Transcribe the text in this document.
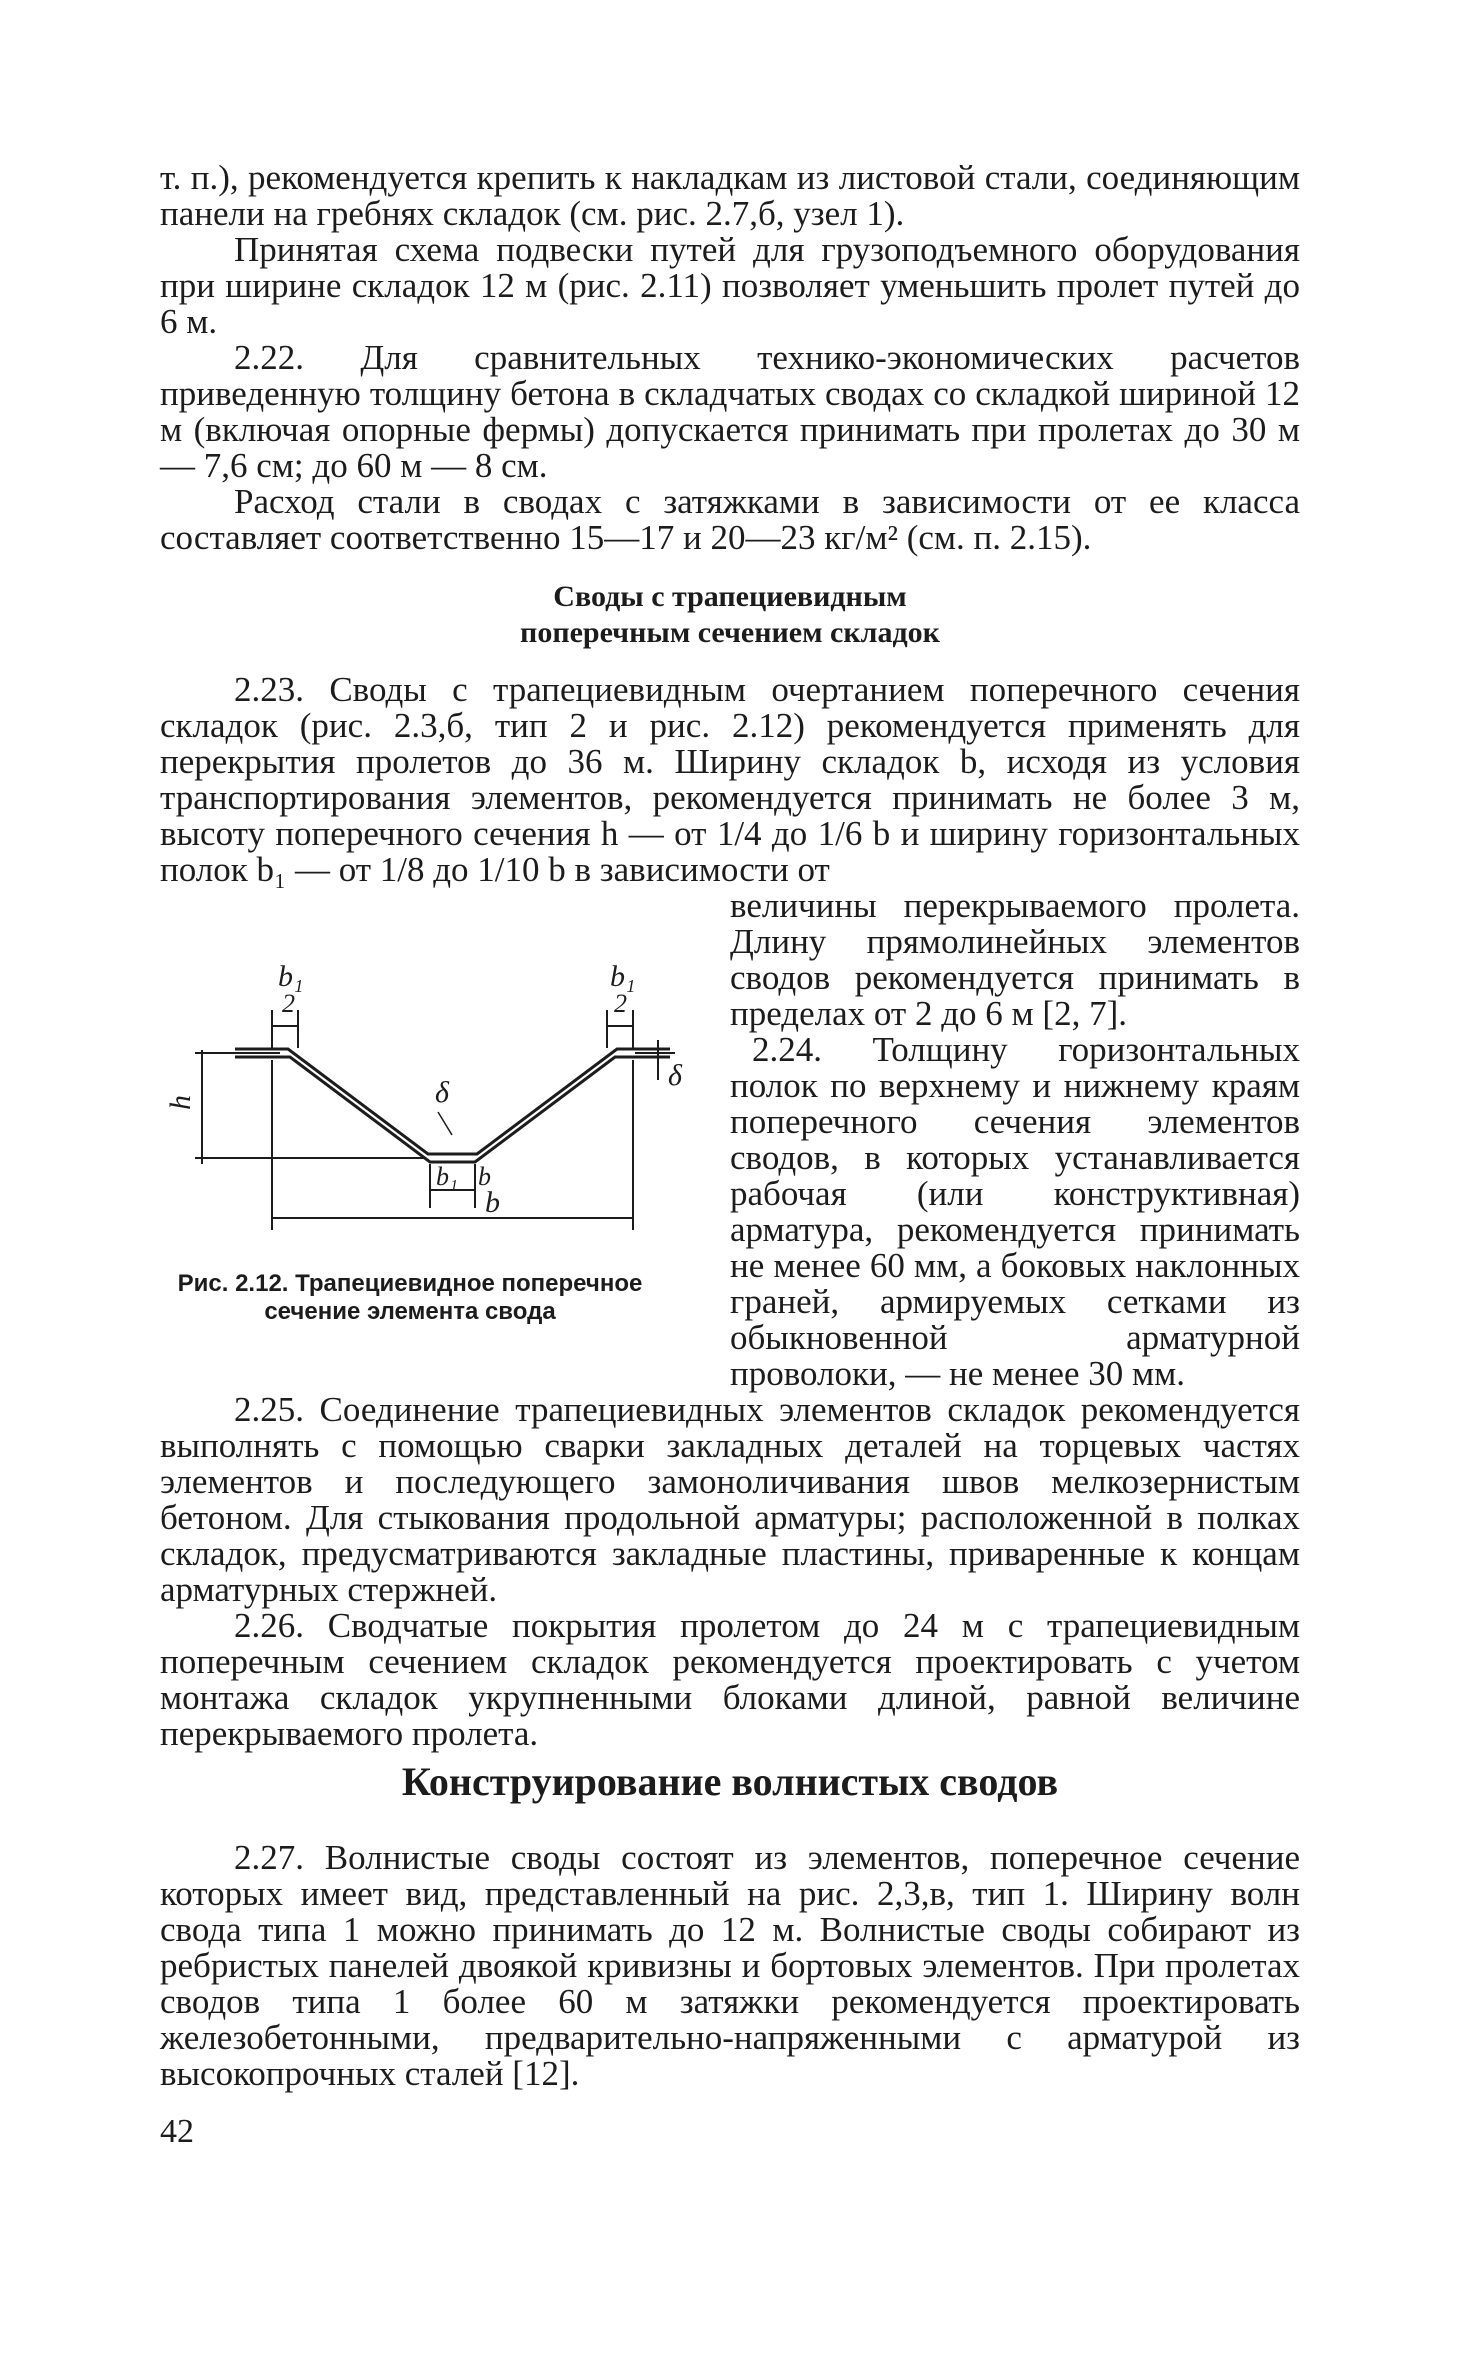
т. п.), рекомендуется крепить к накладкам из листовой стали, соединяющим панели на гребнях складок (см. рис. 2.7,б, узел 1).

Принятая схема подвески путей для грузоподъемного оборудования при ширине складок 12 м (рис. 2.11) позволяет уменьшить пролет путей до 6 м.

2.22. Для сравнительных технико-экономических расчетов приведенную толщину бетона в складчатых сводах со складкой шириной 12 м (включая опорные фермы) допускается принимать при пролетах до 30 м — 7,6 см; до 60 м — 8 см.

Расход стали в сводах с затяжками в зависимости от ее класса составляет соответственно 15—17 и 20—23 кг/м² (см. п. 2.15).

Своды с трапециевидным
поперечным сечением складок

2.23. Своды с трапециевидным очертанием поперечного сечения складок (рис. 2.3,б, тип 2 и рис. 2.12) рекомендуется применять для перекрытия пролетов до 36 м. Ширину складок b, исходя из условия транспортирования элементов, рекомендуется принимать не более 3 м, высоту поперечного сечения h — от 1/4 до 1/6 b и ширину горизонтальных полок b₁ — от 1/8 до 1/10 b в зависимости от

величины перекрываемого пролета. Длину прямолинейных элементов сводов рекомендуется принимать в пределах от 2 до 6 м [2, 7].

2.24. Толщину горизонтальных полок по верхнему и нижнему краям поперечного сечения элементов сводов, в которых устанавливается рабочая (или конструктивная) арматура, рекомендуется принимать не менее 60 мм, а боковых наклонных граней, армируемых сетками из обыкновенной арматурной проволоки, — не менее 30 мм.

b₁
2
b₁
2
h	δ
δ
b₁ b
b

Рис. 2.12. Трапециевидное поперечное сечение элемента свода

2.25. Соединение трапециевидных элементов складок рекомендуется выполнять с помощью сварки закладных деталей на торцевых частях элементов и последующего замоноличивания швов мелкозернистым бетоном. Для стыкования продольной арматуры; расположенной в полках складок, предусматриваются закладные пластины, приваренные к концам арматурных стержней.

2.26. Сводчатые покрытия пролетом до 24 м с трапециевидным поперечным сечением складок рекомендуется проектировать с учетом монтажа складок укрупненными блоками длиной, равной величине перекрываемого пролета.

Конструирование волнистых сводов

2.27. Волнистые своды состоят из элементов, поперечное сечение которых имеет вид, представленный на рис. 2,3,в, тип 1. Ширину волн свода типа 1 можно принимать до 12 м. Волнистые своды собирают из ребристых панелей двоякой кривизны и бортовых элементов. При пролетах сводов типа 1 более 60 м затяжки рекомендуется проектировать железобетонными, предварительно-напряженными с арматурой из высокопрочных сталей [12].

42
